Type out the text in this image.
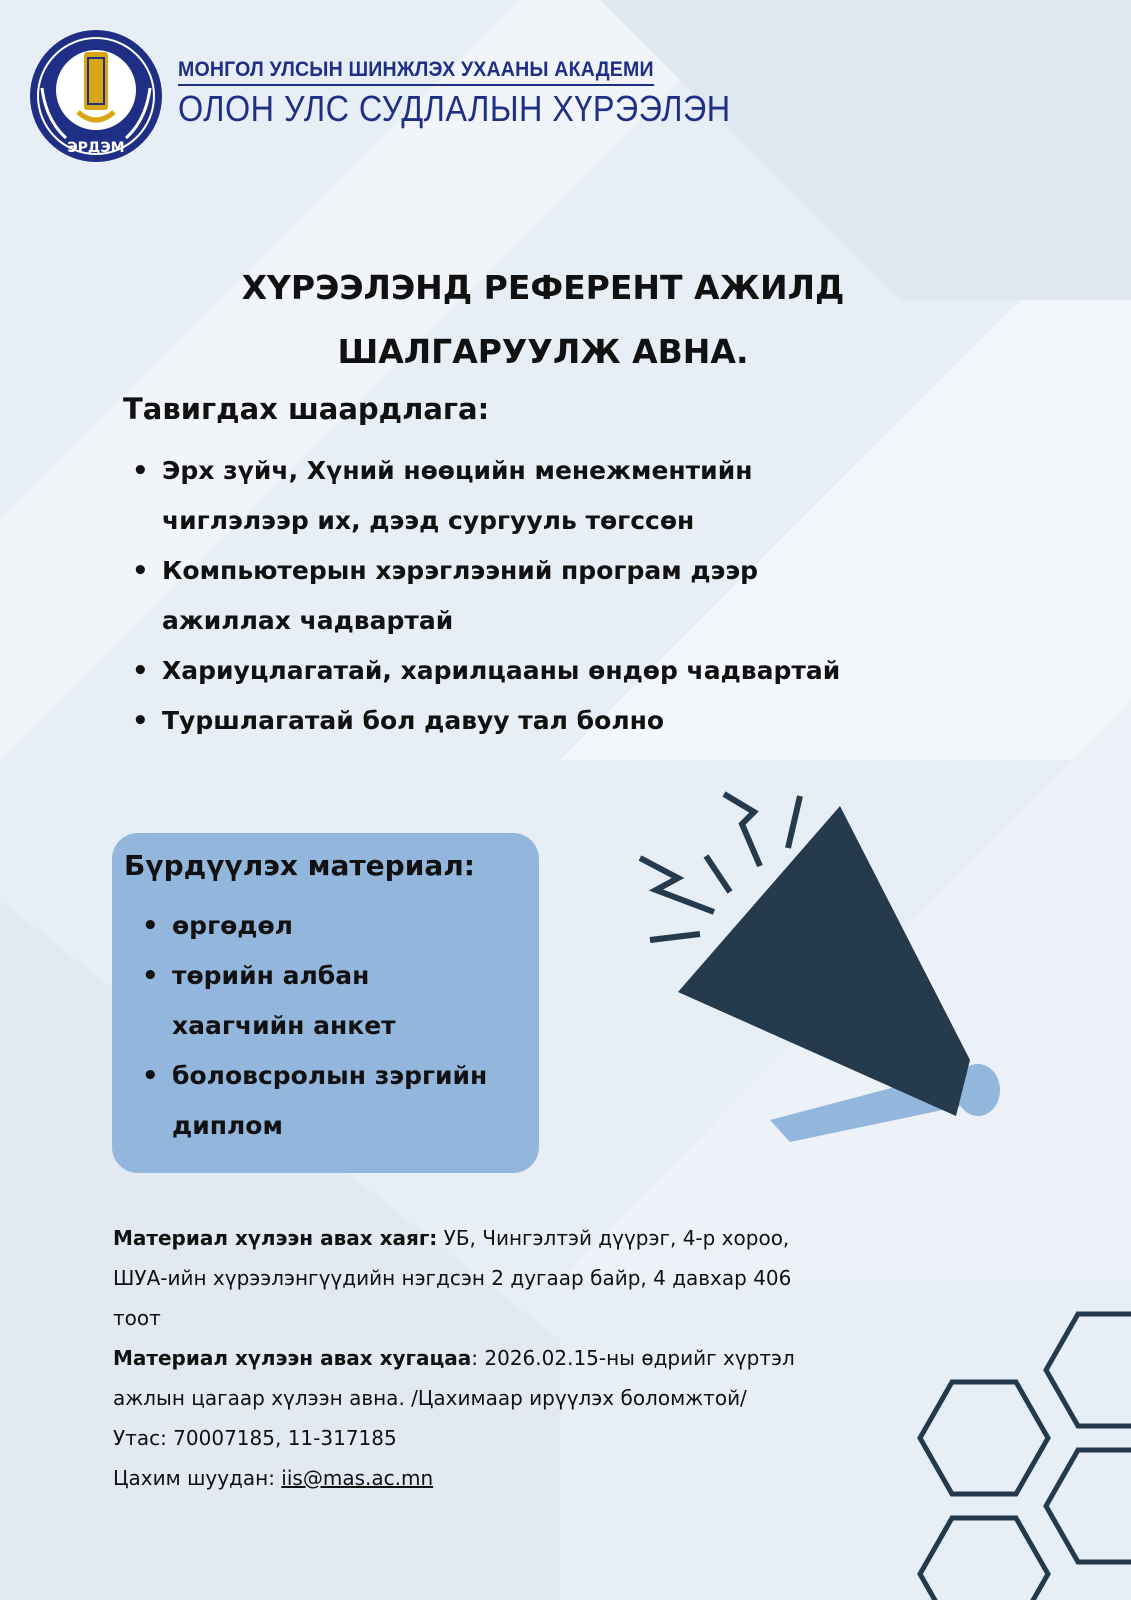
ЭРДЭМ
МОНГОЛ УЛСЫН ШИНЖЛЭХ УХААНЫ АКАДЕМИ
ОЛОН УЛС СУДЛАЛЫН ХҮРЭЭЛЭН
ХҮРЭЭЛЭНД РЕФЕРЕНТ АЖИЛД
ШАЛГАРУУЛЖ АВНА.
Тавигдах шаардлага:
• Эрх зүйч, Хүний нөөцийн менежментийн чиглэлээр их, дээд сургууль төгссөн
• Компьютерын хэрэглээний програм дээр ажиллах чадвартай
• Хариуцлагатай, харилцааны өндөр чадвартай
• Туршлагатай бол давуу тал болно
Бүрдүүлэх материал:
• өргөдөл
• төрийн албан хаагчийн анкет
• боловсролын зэргийн диплом
Материал хүлээн авах хаяг: УБ, Чингэлтэй дүүрэг, 4-р хороо, ШУА-ийн хүрээлэнгүүдийн нэгдсэн 2 дугаар байр, 4 давхар 406 тоот
Материал хүлээн авах хугацаа: 2026.02.15-ны өдрийг хүртэл ажлын цагаар хүлээн авна. /Цахимаар ирүүлэх боломжтой/
Утас: 70007185, 11-317185
Цахим шуудан: iis@mas.ac.mn
